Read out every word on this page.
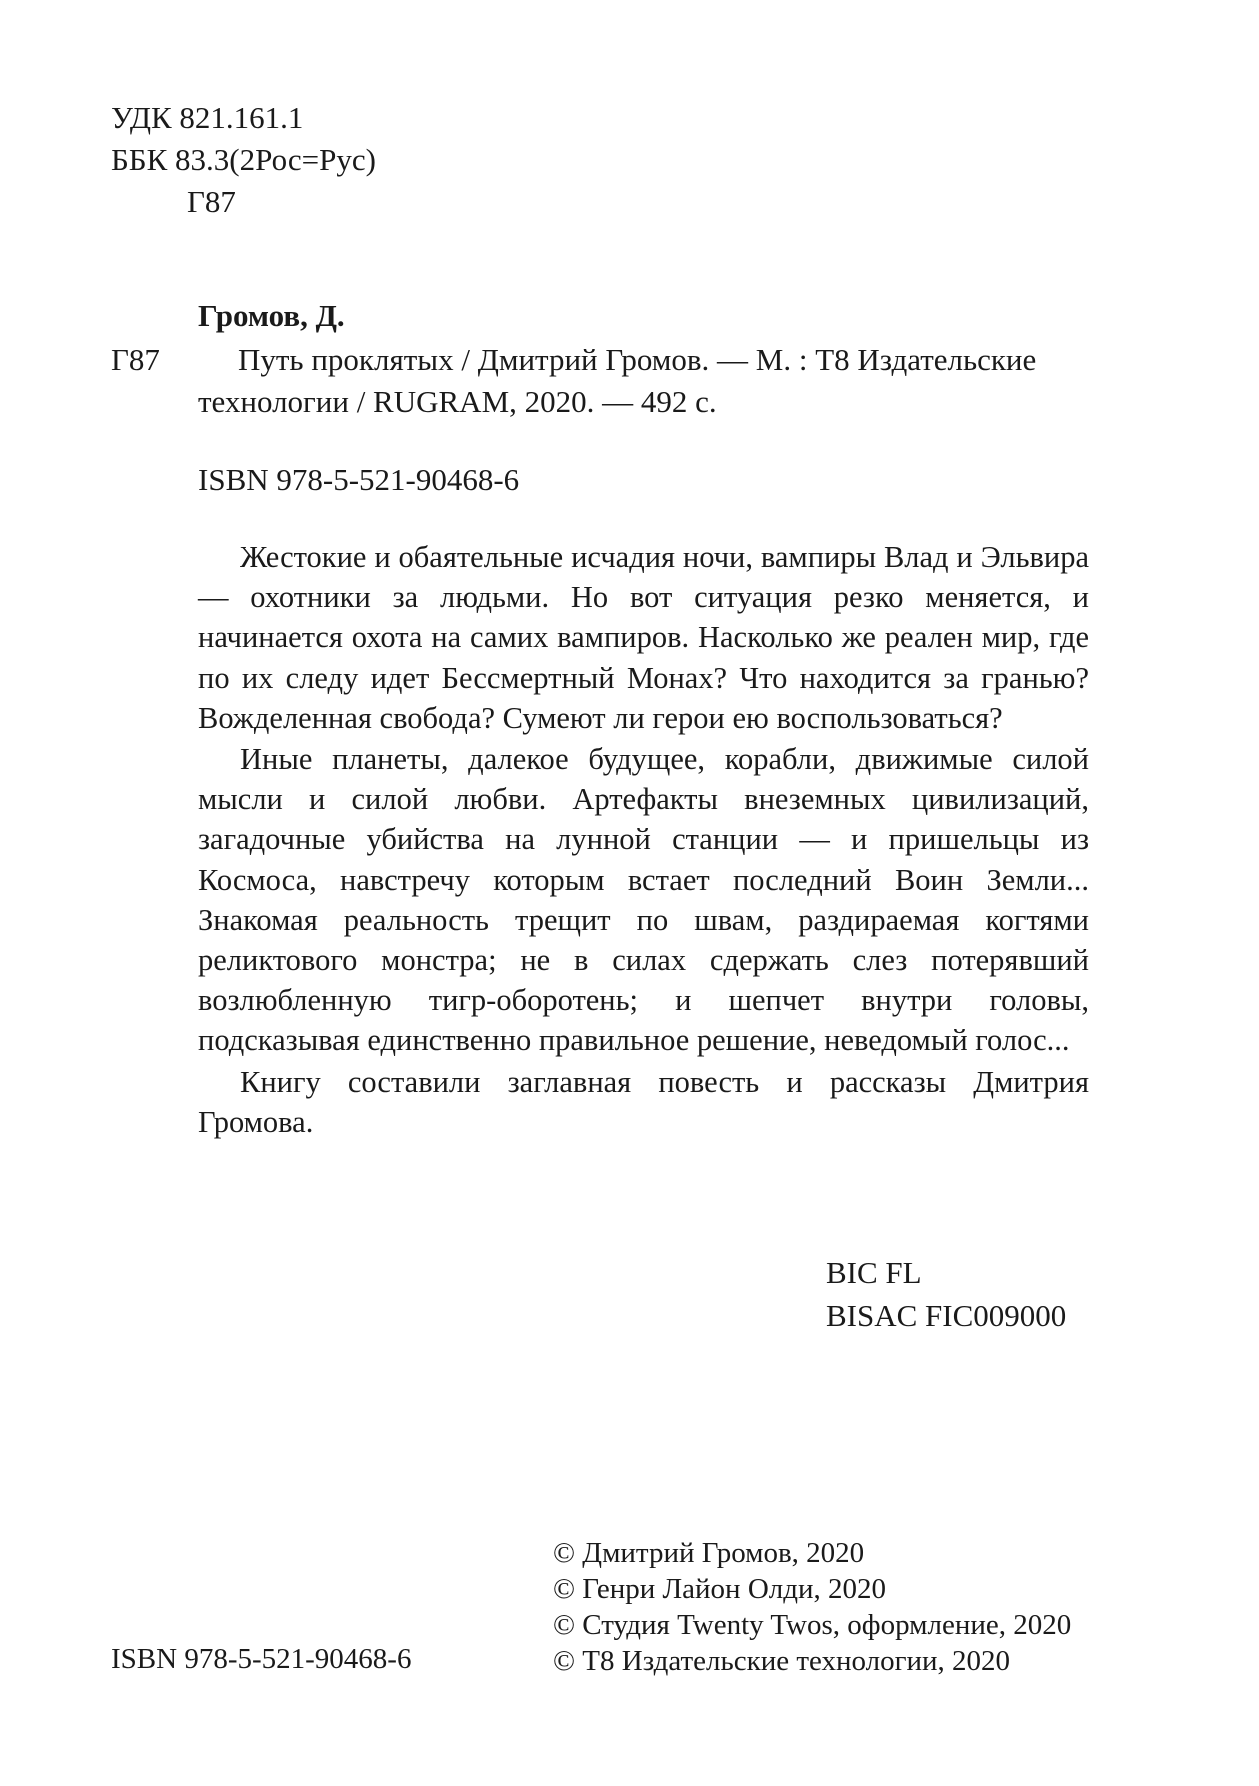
УДК 821.161.1
ББК 83.3(2Рос=Рус)
Г87
Громов, Д.
Г87	Путь проклятых / Дмитрий Громов. — М. : Т8 Издательские
технологии / RUGRAM, 2020. — 492 с.
ISBN 978-5-521-90468-6

Жестокие и обаятельные исчадия ночи, вампиры Влад и Эльвира — охотники за людьми. Но вот ситуация резко меняется, и начинается охота на самих вампиров. Насколько же реален мир, где по их следу идет Бессмертный Монах? Что находится за гранью? Вожделенная свобода? Сумеют ли герои ею воспользоваться?

Иные планеты, далекое будущее, корабли, движимые силой мысли и силой любви. Артефакты внеземных цивилизаций, загадочные убийства на лунной станции — и пришельцы из Космоса, навстречу которым встает последний Воин Земли... Знакомая реальность трещит по швам, раздираемая когтями реликтового монстра; не в силах сдержать слез потерявший возлюбленную тигр-оборотень; и шепчет внутри головы, подсказывая единственно правильное решение, неведомый голос...

Книгу составили заглавная повесть и рассказы Дмитрия Громова.

BIC FL
BISAC FIC009000
© Дмитрий Громов, 2020
© Генри Лайон Олди, 2020
© Студия Twenty Twos, оформление, 2020
© Т8 Издательские технологии, 2020
ISBN 978-5-521-90468-6
